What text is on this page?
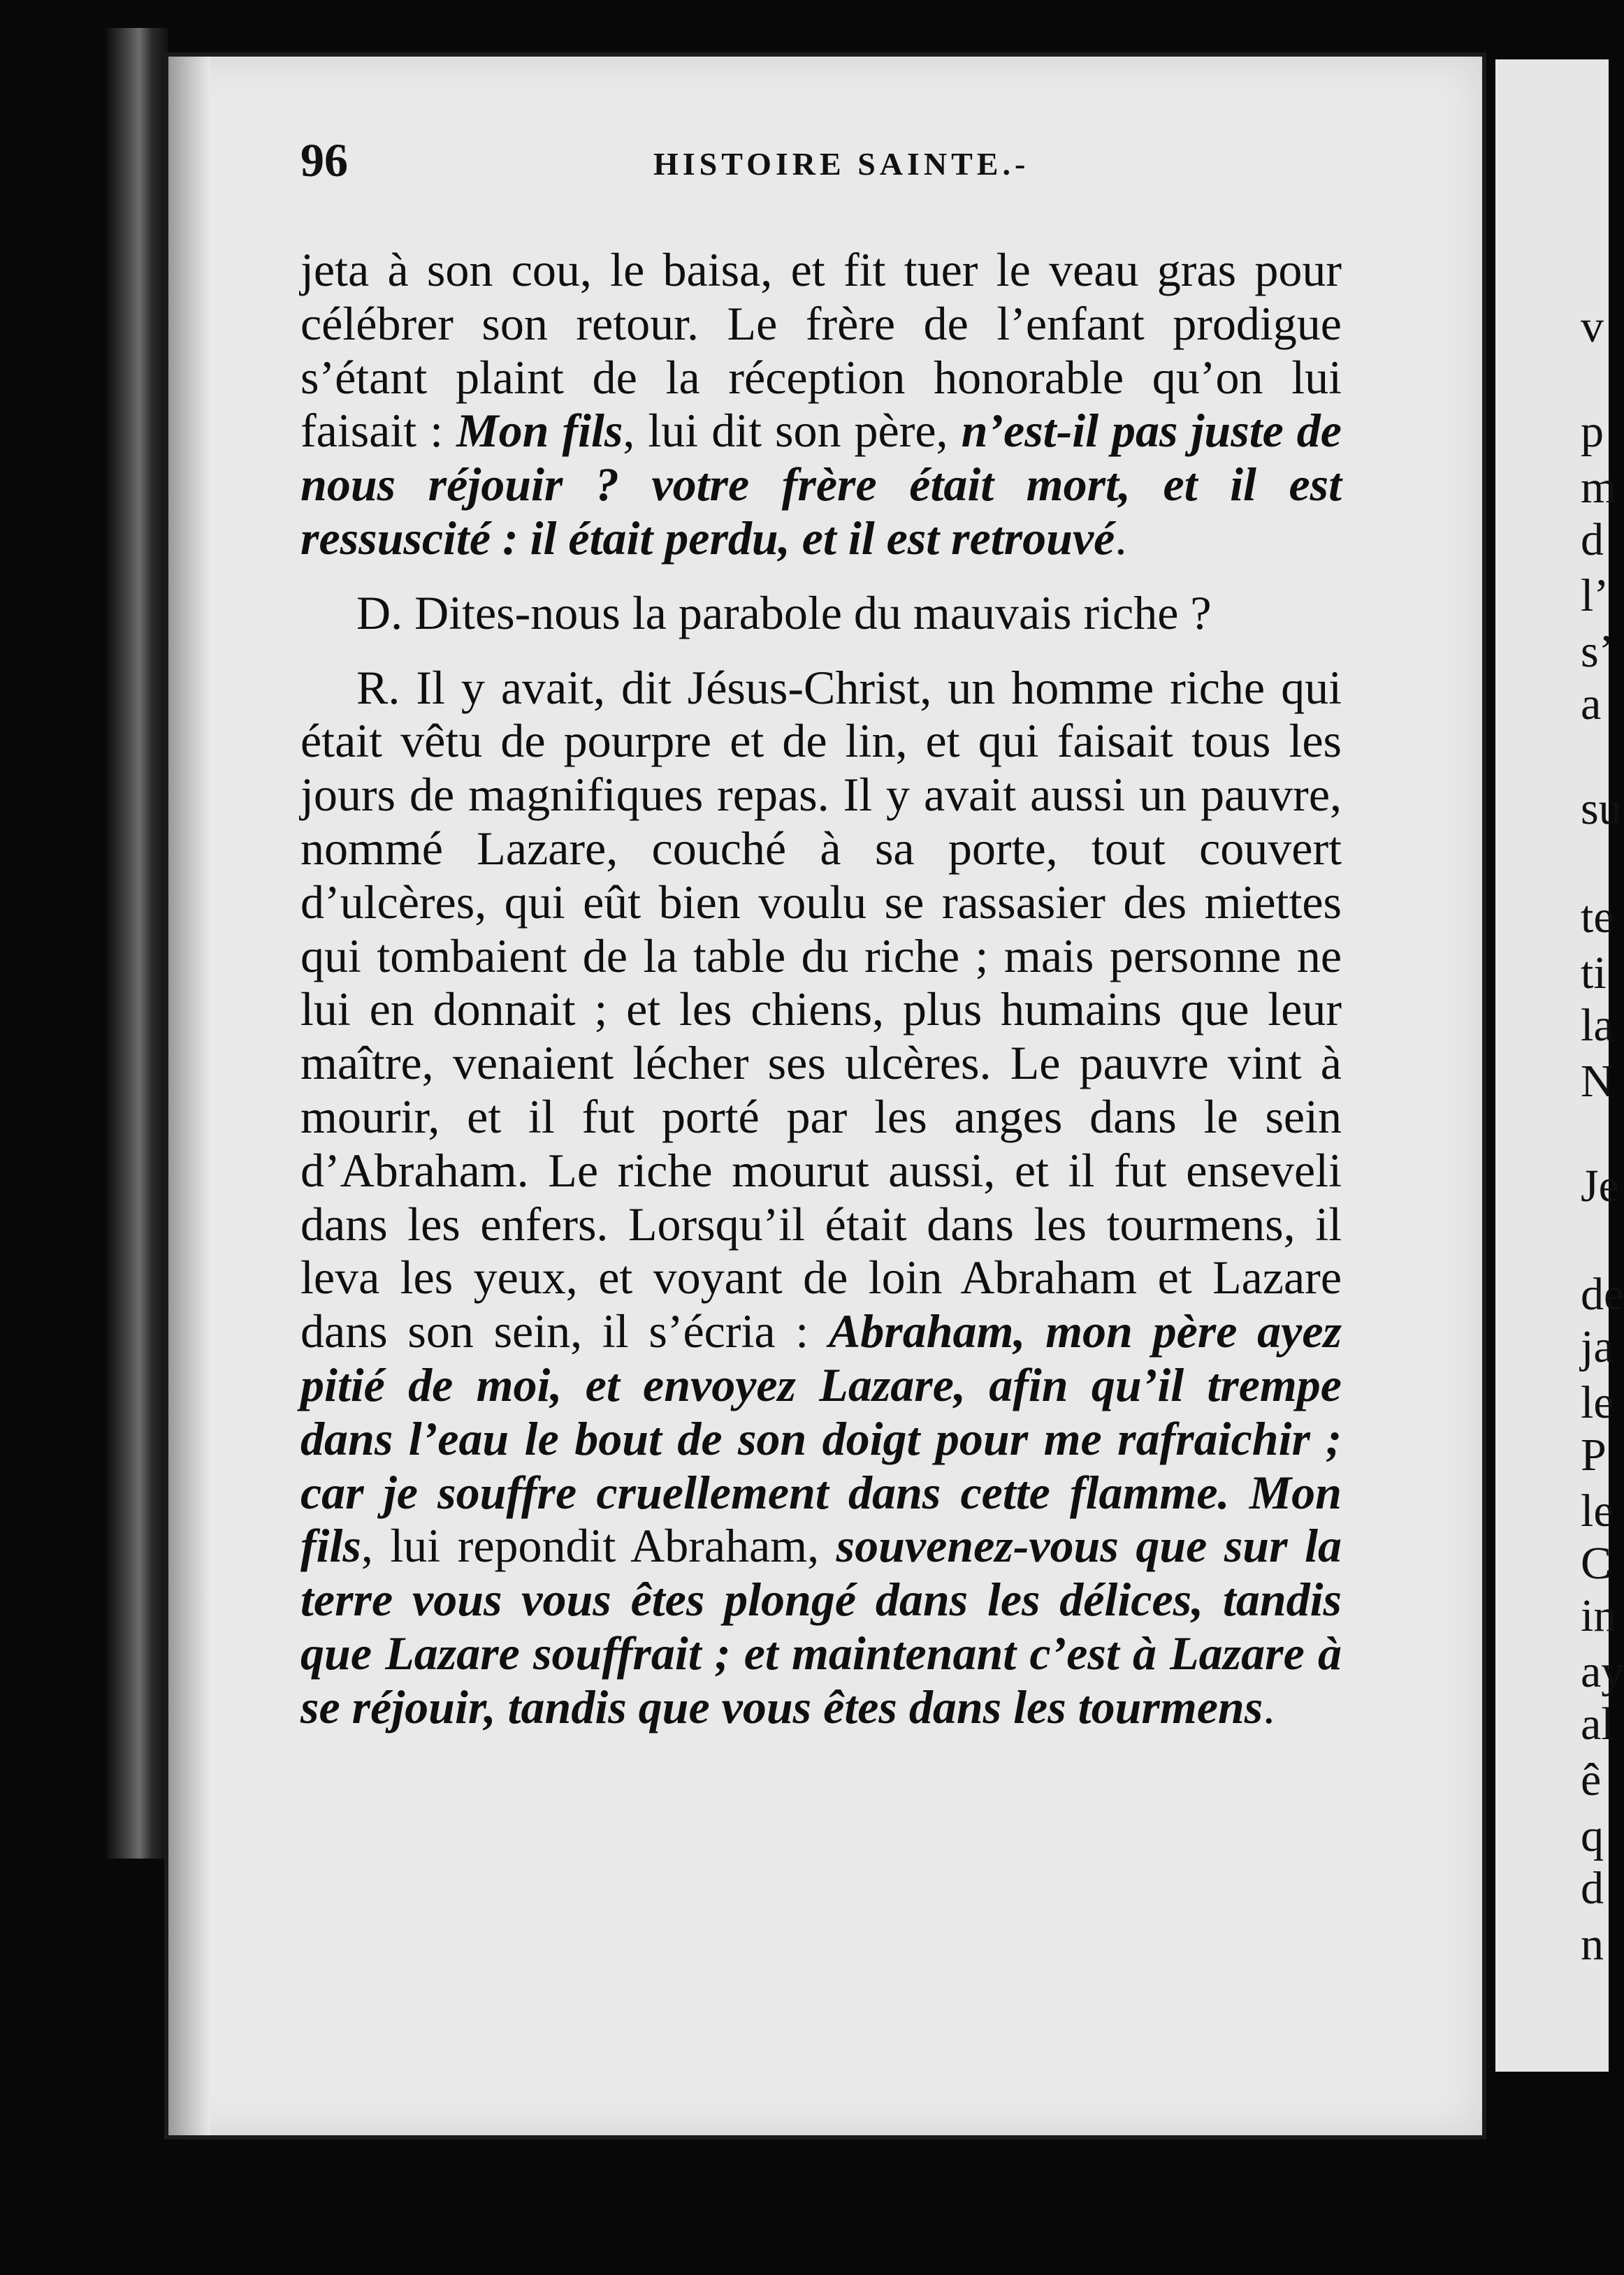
v
p
m
d
l’
s’
a
su
te
ti
la
N
Je
de
ja
le
P
le
C
in
ay
al
ê
q
d
n
96	HISTOIRE SAINTE.-

jeta à son cou, le baisa, et fit tuer le veau gras pour célébrer son retour. Le frère de l’enfant prodigue s’étant plaint de la réception honorable qu’on lui faisait : Mon fils, lui dit son père, n’est-il pas juste de nous réjouir ? votre frère était mort, et il est ressuscité : il était perdu, et il est retrouvé.

D. Dites-nous la parabole du mauvais riche ?

R. Il y avait, dit Jésus-Christ, un homme riche qui était vêtu de pourpre et de lin, et qui faisait tous les jours de magnifiques repas. Il y avait aussi un pauvre, nommé Lazare, couché à sa porte, tout couvert d’ulcères, qui eût bien voulu se rassasier des miettes qui tombaient de la table du riche ; mais personne ne lui en donnait ; et les chiens, plus humains que leur maître, venaient lécher ses ulcères. Le pauvre vint à mourir, et il fut porté par les anges dans le sein d’Abraham. Le riche mourut aussi, et il fut enseveli dans les enfers. Lorsqu’il était dans les tourmens, il leva les yeux, et voyant de loin Abraham et Lazare dans son sein, il s’écria : Abraham, mon père ayez pitié de moi, et envoyez Lazare, afin qu’il trempe dans l’eau le bout de son doigt pour me rafraichir ; car je souffre cruellement dans cette flamme. Mon fils, lui repondit Abraham, souvenez-vous que sur la terre vous vous êtes plongé dans les délices, tandis que Lazare souffrait ; et maintenant c’est à Lazare à se réjouir, tandis que vous êtes dans les tourmens.
